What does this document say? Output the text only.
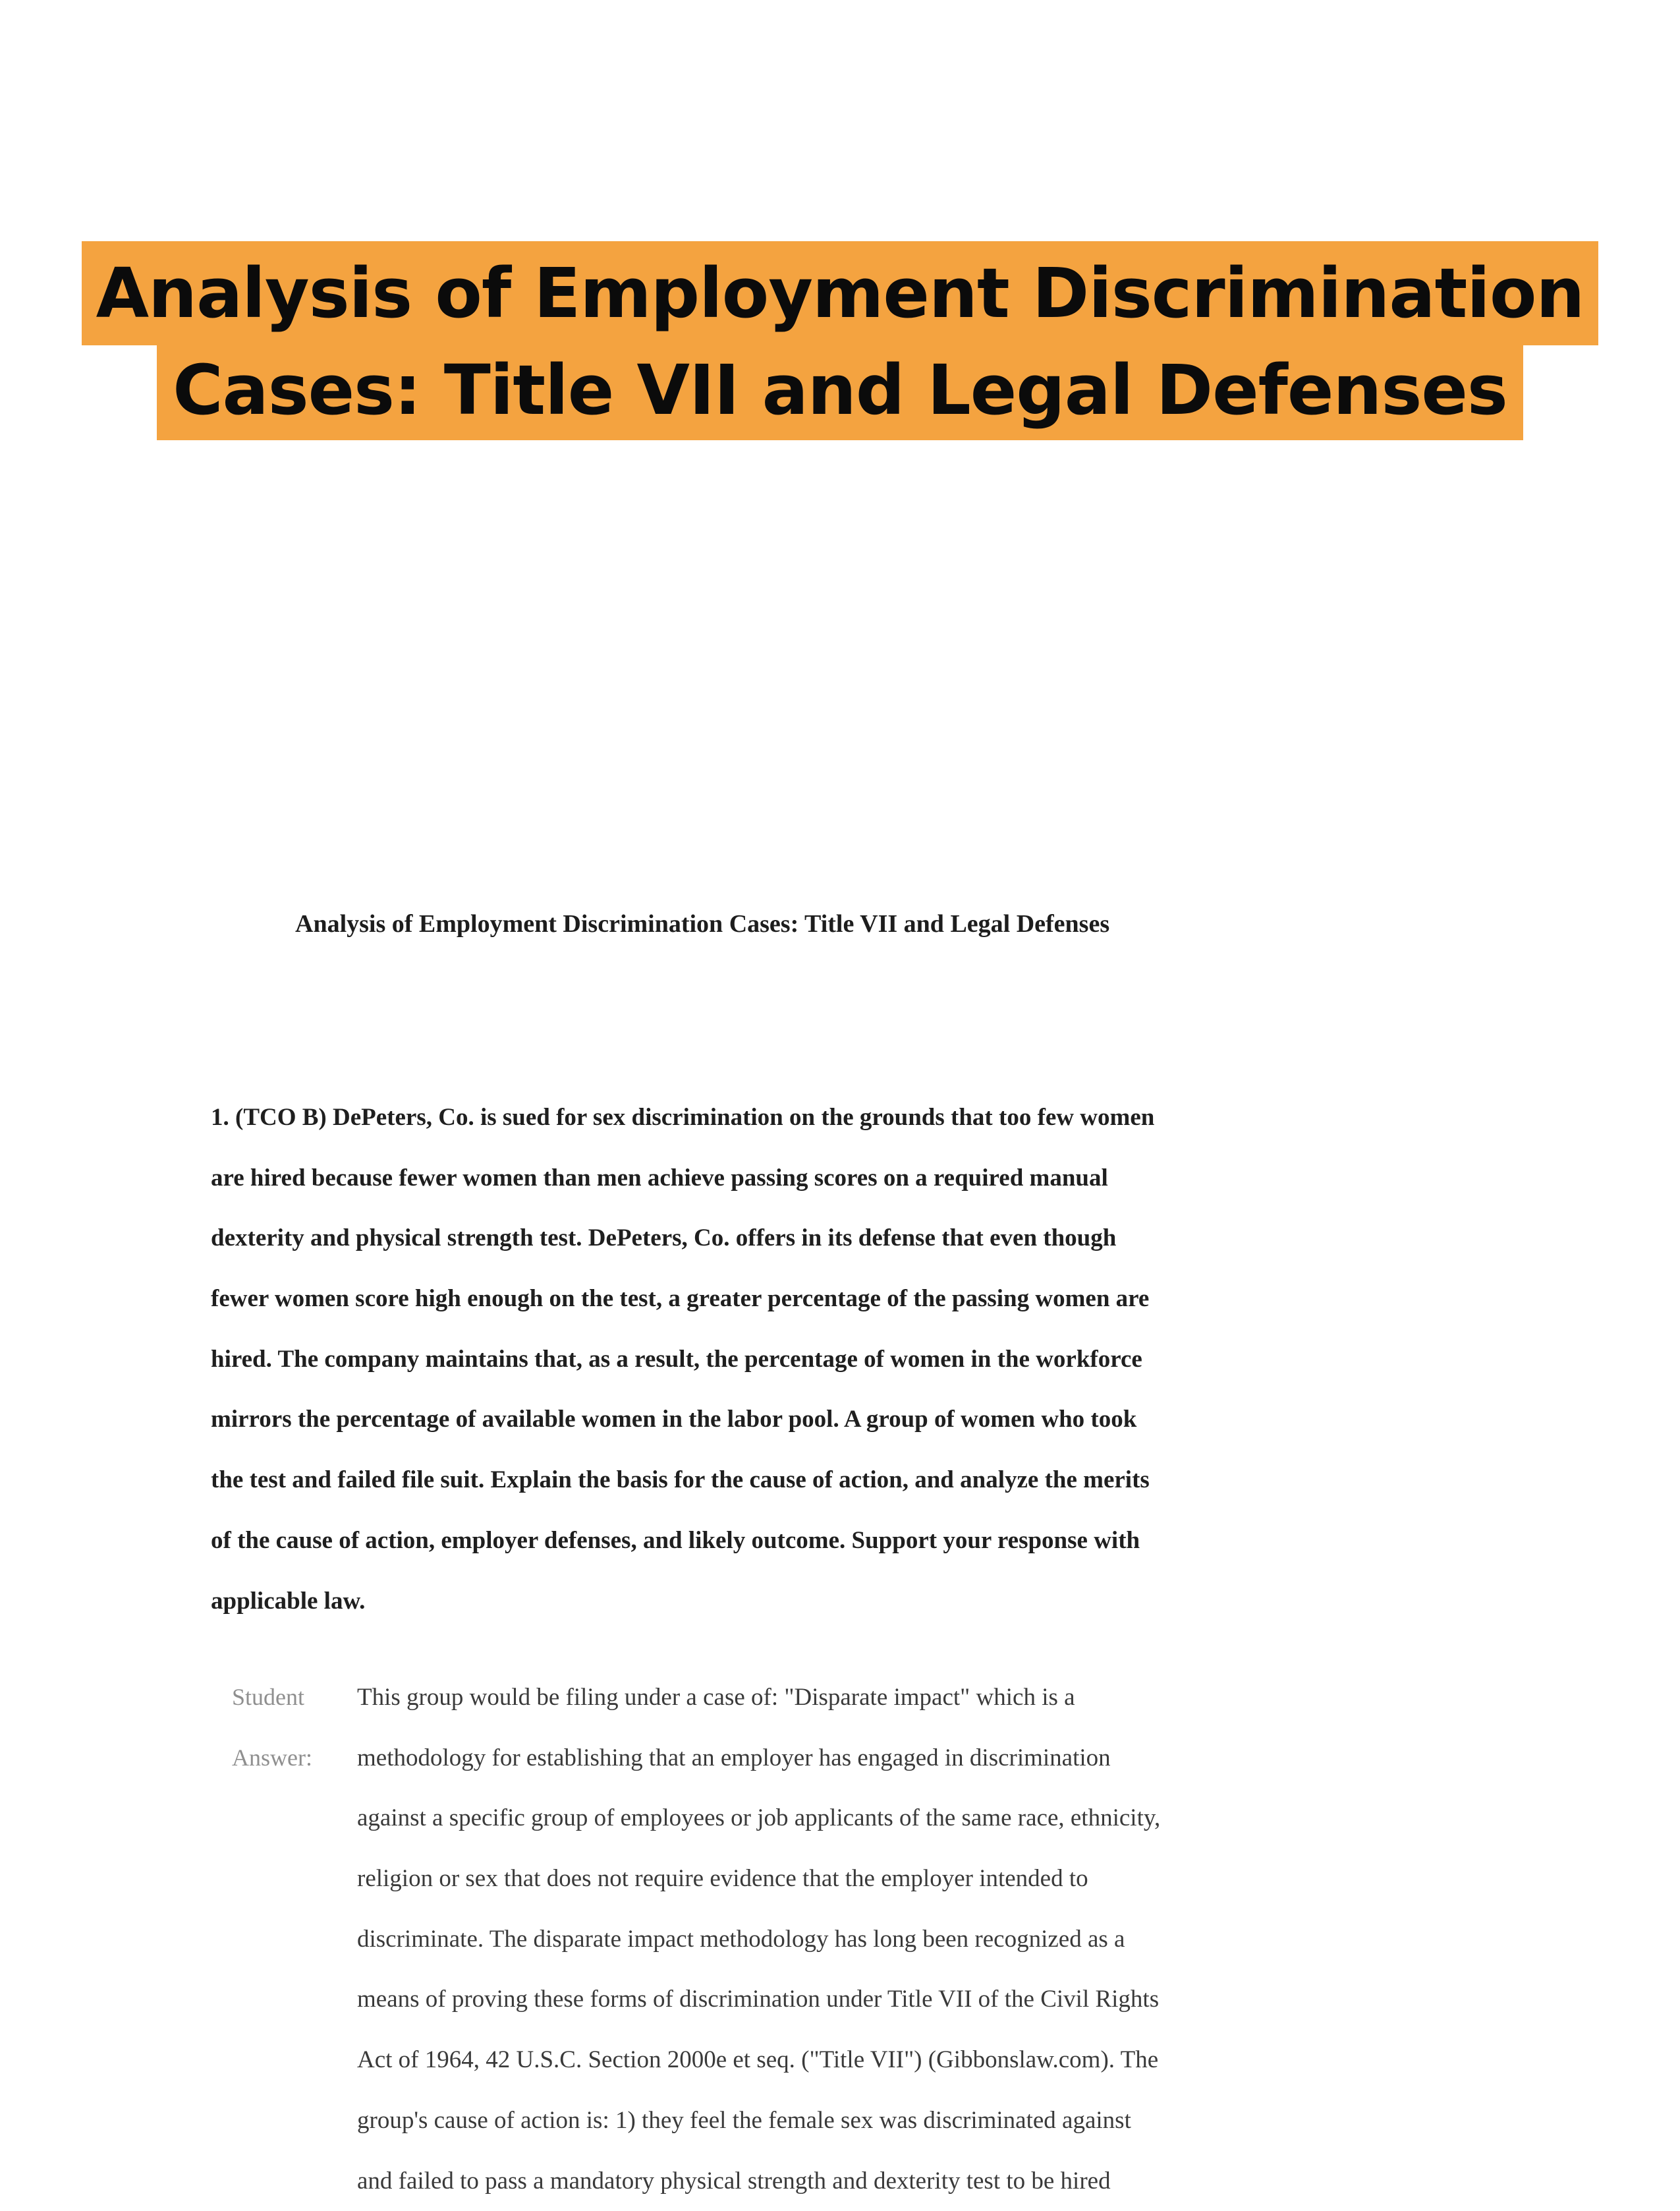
Analysis of Employment Discrimination
Cases: Title VII and Legal Defenses
Analysis of Employment Discrimination Cases: Title VII and Legal Defenses
1. (TCO B) DePeters, Co. is sued for sex discrimination on the grounds that too few women
are hired because fewer women than men achieve passing scores on a required manual
dexterity and physical strength test. DePeters, Co. offers in its defense that even though
fewer women score high enough on the test, a greater percentage of the passing women are
hired. The company maintains that, as a result, the percentage of women in the workforce
mirrors the percentage of available women in the labor pool. A group of women who took
the test and failed file suit. Explain the basis for the cause of action, and analyze the merits
of the cause of action, employer defenses, and likely outcome. Support your response with
applicable law.
Student
Answer:
This group would be filing under a case of: "Disparate impact" which is a
methodology for establishing that an employer has engaged in discrimination
against a specific group of employees or job applicants of the same race, ethnicity,
religion or sex that does not require evidence that the employer intended to
discriminate. The disparate impact methodology has long been recognized as a
means of proving these forms of discrimination under Title VII of the Civil Rights
Act of 1964, 42 U.S.C. Section 2000e et seq. ("Title VII") (Gibbonslaw.com). The
group's cause of action is: 1) they feel the female sex was discriminated against
and failed to pass a mandatory physical strength and dexterity test to be hired
